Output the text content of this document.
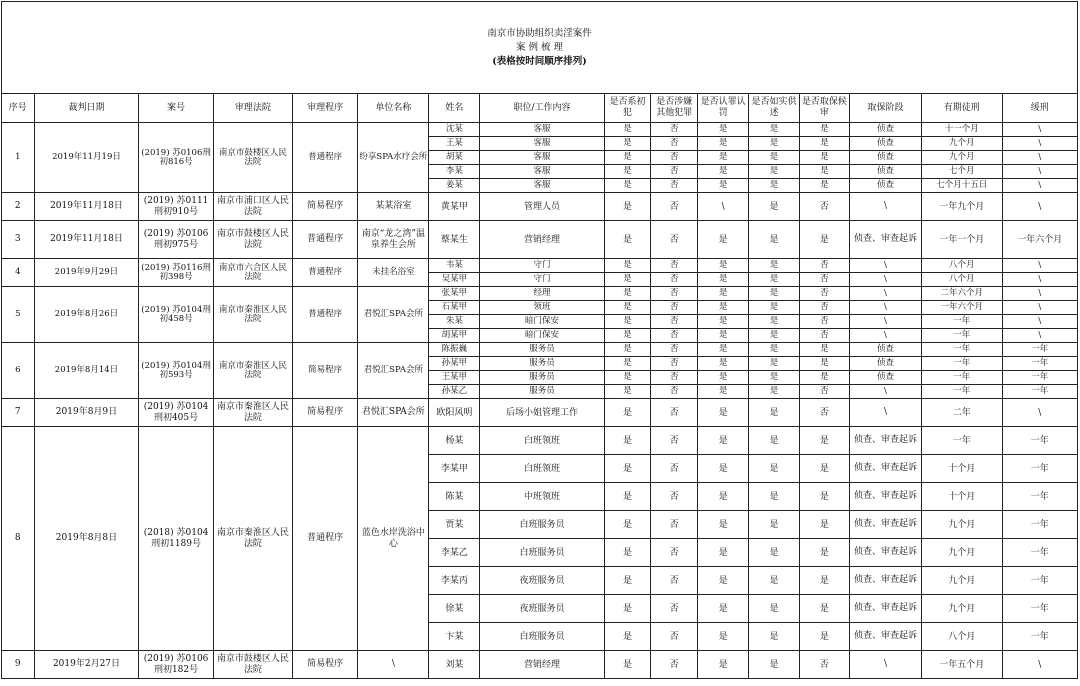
南京市协助组织卖淫案件
案 例 梳 理
(表格按时间顺序排列)
序号	裁判日期	案号	审理法院	审理程序	单位名称	姓名	职位/工作内容	是否系初犯	是否涉嫌其他犯罪	是否认罪认罚	是否如实供述	是否取保候审	取保阶段	有期徒刑	缓刑
1	2019年11月19日	(2019) 苏0106刑初816号	南京市鼓楼区人民法院	普通程序	纷享SPA水疗会所	沈某	客服	是	否	是	是	是	侦查	十一个月	\
						王某	客服	是	否	是	是	是	侦查	九个月	\
						胡某	客服	是	否	是	是	是	侦查	九个月	\
						李某	客服	是	否	是	是	是	侦查	七个月	\
						姜某	客服	是	否	是	是	是	侦查	七个月十五日	\
2	2019年11月18日	(2019) 苏0111刑初910号	南京市浦口区人民法院	简易程序	某某浴室	黄某甲	管理人员	是	否	\	是	否	\	一年九个月	\
3	2019年11月18日	(2019) 苏0106刑初975号	南京市鼓楼区人民法院	普通程序	南京“龙之湾”温泉养生会所	蔡某生	营销经理	是	否	是	是	是	侦查、审查起诉	一年一个月	一年六个月
4	2019年9月29日	(2019) 苏0116刑初398号	南京市六合区人民法院	普通程序	未挂名浴室	韦某	守门	是	否	是	是	否	\	八个月	\
						吴某甲	守门	是	否	是	是	否	\	八个月	\
5	2019年8月26日	(2019) 苏0104刑初458号	南京市秦淮区人民法院	普通程序	君悦汇SPA会所	张某甲	经理	是	否	是	是	否	\	二年六个月	\
						石某甲	领班	是	否	是	是	否	\	一年六个月	\
						朱某	暗门保安	是	否	是	是	否	\	一年	\
						胡某甲	暗门保安	是	否	是	是	否	\	一年	\
6	2019年8月14日	(2019) 苏0104刑初593号	南京市秦淮区人民法院	简易程序	君悦汇SPA会所	陈振巍	服务员	是	否	是	是	是	侦查	一年	一年
						孙某甲	服务员	是	否	是	是	是	侦查	一年	一年
						王某甲	服务员	是	否	是	是	是	侦查	一年	一年
						孙某乙	服务员	是	否	是	是	否	\	一年	一年
7	2019年8月9日	(2019) 苏0104刑初405号	南京市秦淮区人民法院	简易程序	君悦汇SPA会所	欧阳风明	后场小姐管理工作	是	否	是	是	否	\	二年	\
8	2019年8月8日	(2018) 苏0104刑初1189号	南京市秦淮区人民法院	普通程序	蓝色水岸洗浴中心	杨某	白班领班	是	否	是	是	是	侦查、审查起诉	一年	一年
						李某甲	白班领班	是	否	是	是	是	侦查、审查起诉	十个月	一年
						陈某	中班领班	是	否	是	是	是	侦查、审查起诉	十个月	一年
						贾某	白班服务员	是	否	是	是	是	侦查、审查起诉	九个月	一年
						李某乙	白班服务员	是	否	是	是	是	侦查、审查起诉	九个月	一年
						李某丙	夜班服务员	是	否	是	是	是	侦查、审查起诉	九个月	一年
						徐某	夜班服务员	是	否	是	是	是	侦查、审查起诉	九个月	一年
						卞某	白班服务员	是	否	是	是	是	侦查、审查起诉	八个月	一年
9	2019年2月27日	(2019) 苏0106刑初182号	南京市鼓楼区人民法院	简易程序	\	刘某	营销经理	是	否	是	是	否	\	一年五个月	\
